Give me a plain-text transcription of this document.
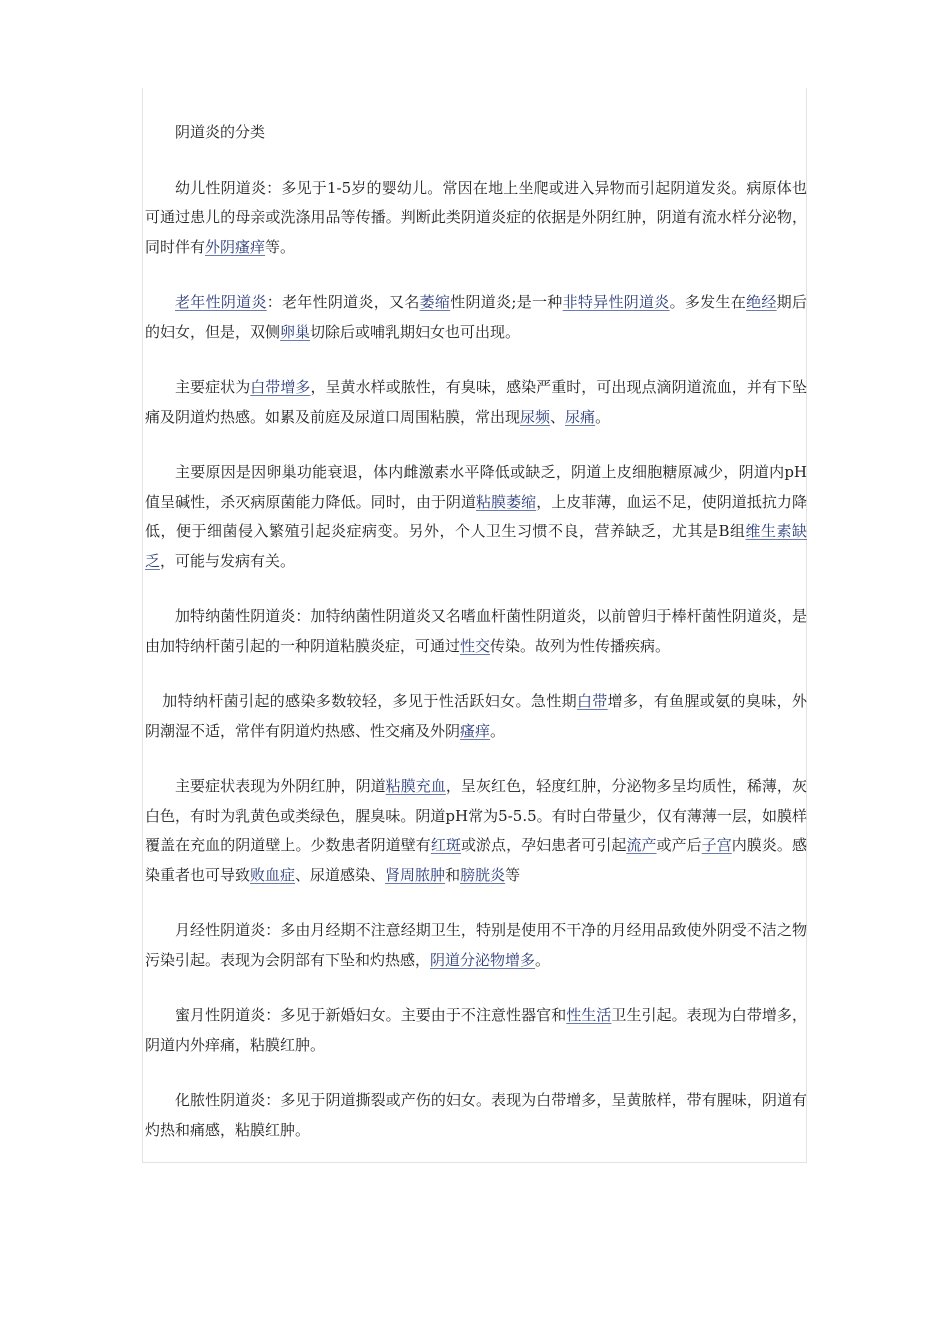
阴道炎的分类

幼儿性阴道炎：多见于1-5岁的婴幼儿。常因在地上坐爬或进入异物而引起阴道发炎。病原体也可通过患儿的母亲或洗涤用品等传播。判断此类阴道炎症的依据是外阴红肿，阴道有流水样分泌物，同时伴有外阴瘙痒等。

老年性阴道炎：老年性阴道炎，又名萎缩性阴道炎;是一种非特异性阴道炎。多发生在绝经期后的妇女，但是，双侧卵巢切除后或哺乳期妇女也可出现。

主要症状为白带增多，呈黄水样或脓性，有臭味，感染严重时，可出现点滴阴道流血，并有下坠痛及阴道灼热感。如累及前庭及尿道口周围粘膜，常出现尿频、尿痛。

主要原因是因卵巢功能衰退，体内雌激素水平降低或缺乏，阴道上皮细胞糖原减少，阴道内pH值呈碱性，杀灭病原菌能力降低。同时，由于阴道粘膜萎缩，上皮菲薄，血运不足，使阴道抵抗力降低，便于细菌侵入繁殖引起炎症病变。另外，个人卫生习惯不良，营养缺乏，尤其是B组维生素缺乏，可能与发病有关。

加特纳菌性阴道炎：加特纳菌性阴道炎又名嗜血杆菌性阴道炎，以前曾归于棒杆菌性阴道炎，是由加特纳杆菌引起的一种阴道粘膜炎症，可通过性交传染。故列为性传播疾病。

加特纳杆菌引起的感染多数较轻，多见于性活跃妇女。急性期白带增多，有鱼腥或氨的臭味，外阴潮湿不适，常伴有阴道灼热感、性交痛及外阴瘙痒。

主要症状表现为外阴红肿，阴道粘膜充血，呈灰红色，轻度红肿，分泌物多呈均质性，稀薄，灰白色，有时为乳黄色或类绿色，腥臭味。阴道pH常为5-5.5。有时白带量少，仅有薄薄一层，如膜样覆盖在充血的阴道壁上。少数患者阴道壁有红斑或淤点，孕妇患者可引起流产或产后子宫内膜炎。感染重者也可导致败血症、尿道感染、肾周脓肿和膀胱炎等

月经性阴道炎：多由月经期不注意经期卫生，特别是使用不干净的月经用品致使外阴受不洁之物污染引起。表现为会阴部有下坠和灼热感，阴道分泌物增多。

蜜月性阴道炎：多见于新婚妇女。主要由于不注意性器官和性生活卫生引起。表现为白带增多，阴道内外痒痛，粘膜红肿。

化脓性阴道炎：多见于阴道撕裂或产伤的妇女。表现为白带增多，呈黄脓样，带有腥味，阴道有灼热和痛感，粘膜红肿。
